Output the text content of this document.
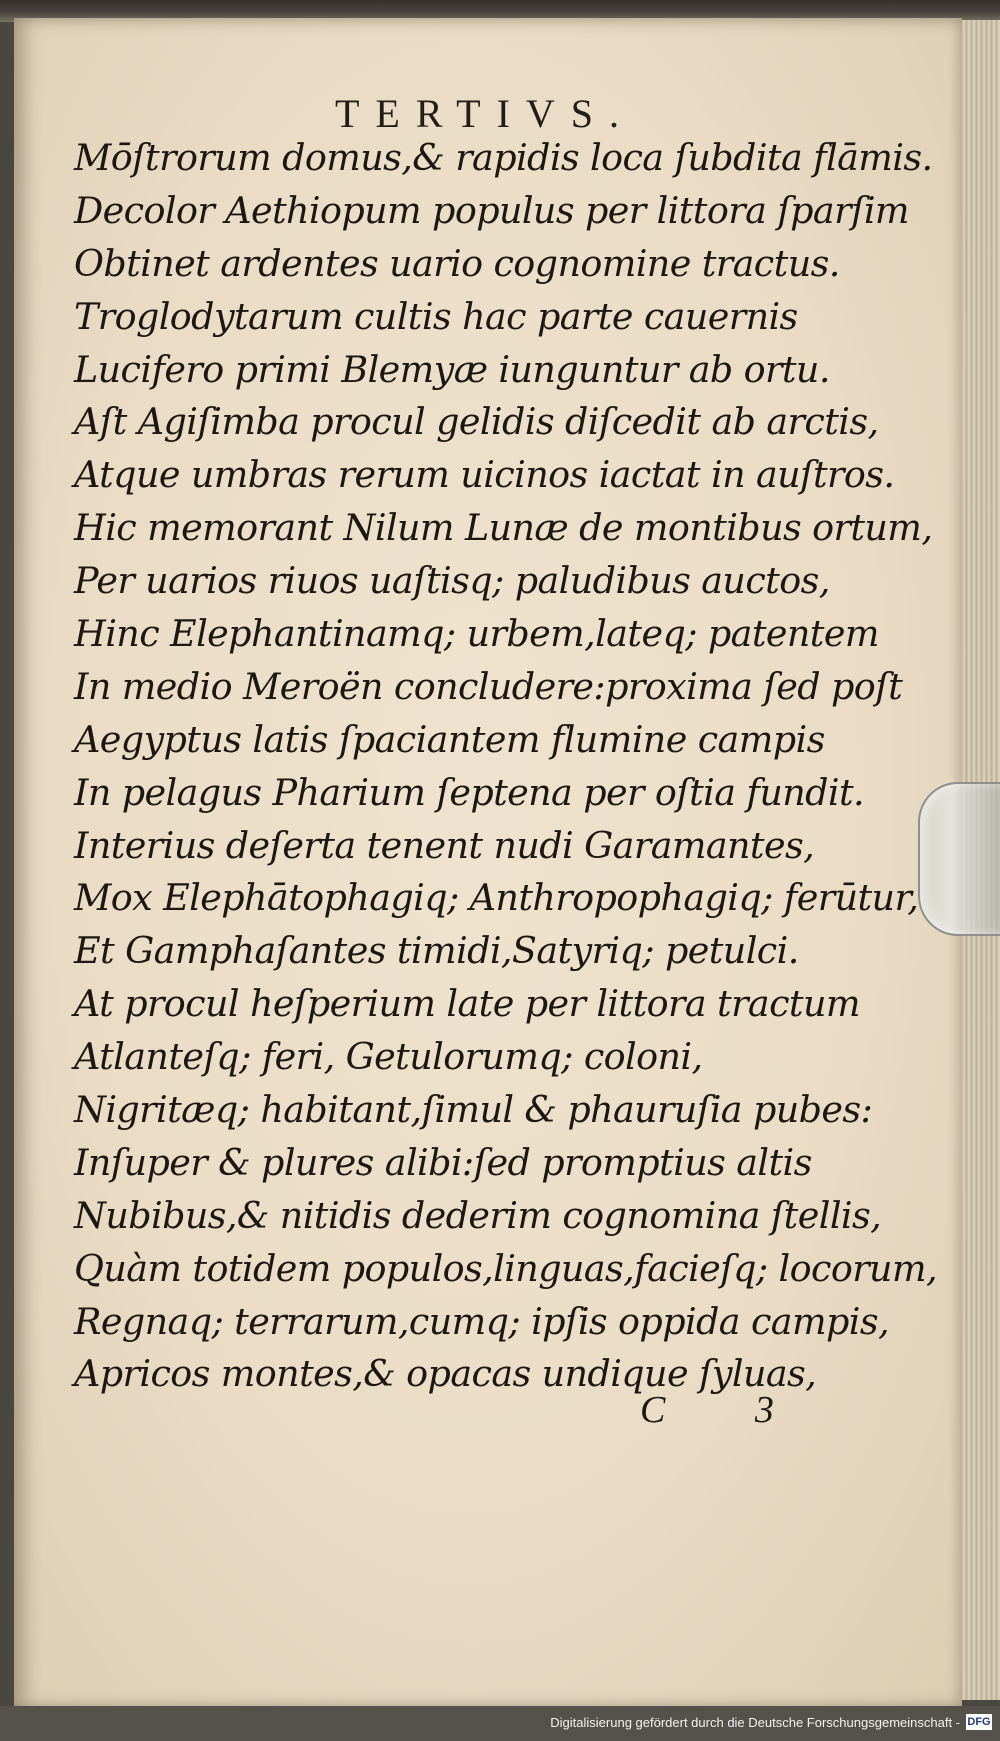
TERTIVS.
Mōſtrorum domus,& rapidis loca ſubdita flāmis.
Decolor Aethiopum populus per littora ſparſim
Obtinet ardentes uario cognomine tractus.
Troglodytarum cultis hac parte cauernis
Lucifero primi Blemyæ iunguntur ab ortu.
Aſt Agiſimba procul gelidis diſcedit ab arctis,
Atque umbras rerum uicinos iactat in auſtros.
Hic memorant Nilum Lunæ de montibus ortum,
Per uarios riuos uaſtisq; paludibus auctos,
Hinc Elephantinamq; urbem,lateq; patentem
In medio Meroën concludere:proxima ſed poſt
Aegyptus latis ſpaciantem flumine campis
In pelagus Pharium ſeptena per oſtia fundit.
Interius deſerta tenent nudi Garamantes,
Mox Elephātophagiq; Anthropophagiq; ferūtur,
Et Gamphaſantes timidi,Satyriq; petulci.
At procul heſperium late per littora tractum
Atlanteſq; feri, Getulorumq; coloni,
Nigritæq; habitant,ſimul & phauruſia pubes:
Inſuper & plures alibi:ſed promptius altis
Nubibus,& nitidis dederim cognomina ſtellis,
Quàm totidem populos,linguas,facieſq; locorum,
Regnaq; terrarum,cumq; ipſis oppida campis,
Apricos montes,& opacas undique ſyluas,
C 3
Digitalisierung gefördert durch die Deutsche Forschungsgemeinschaft - DFG
